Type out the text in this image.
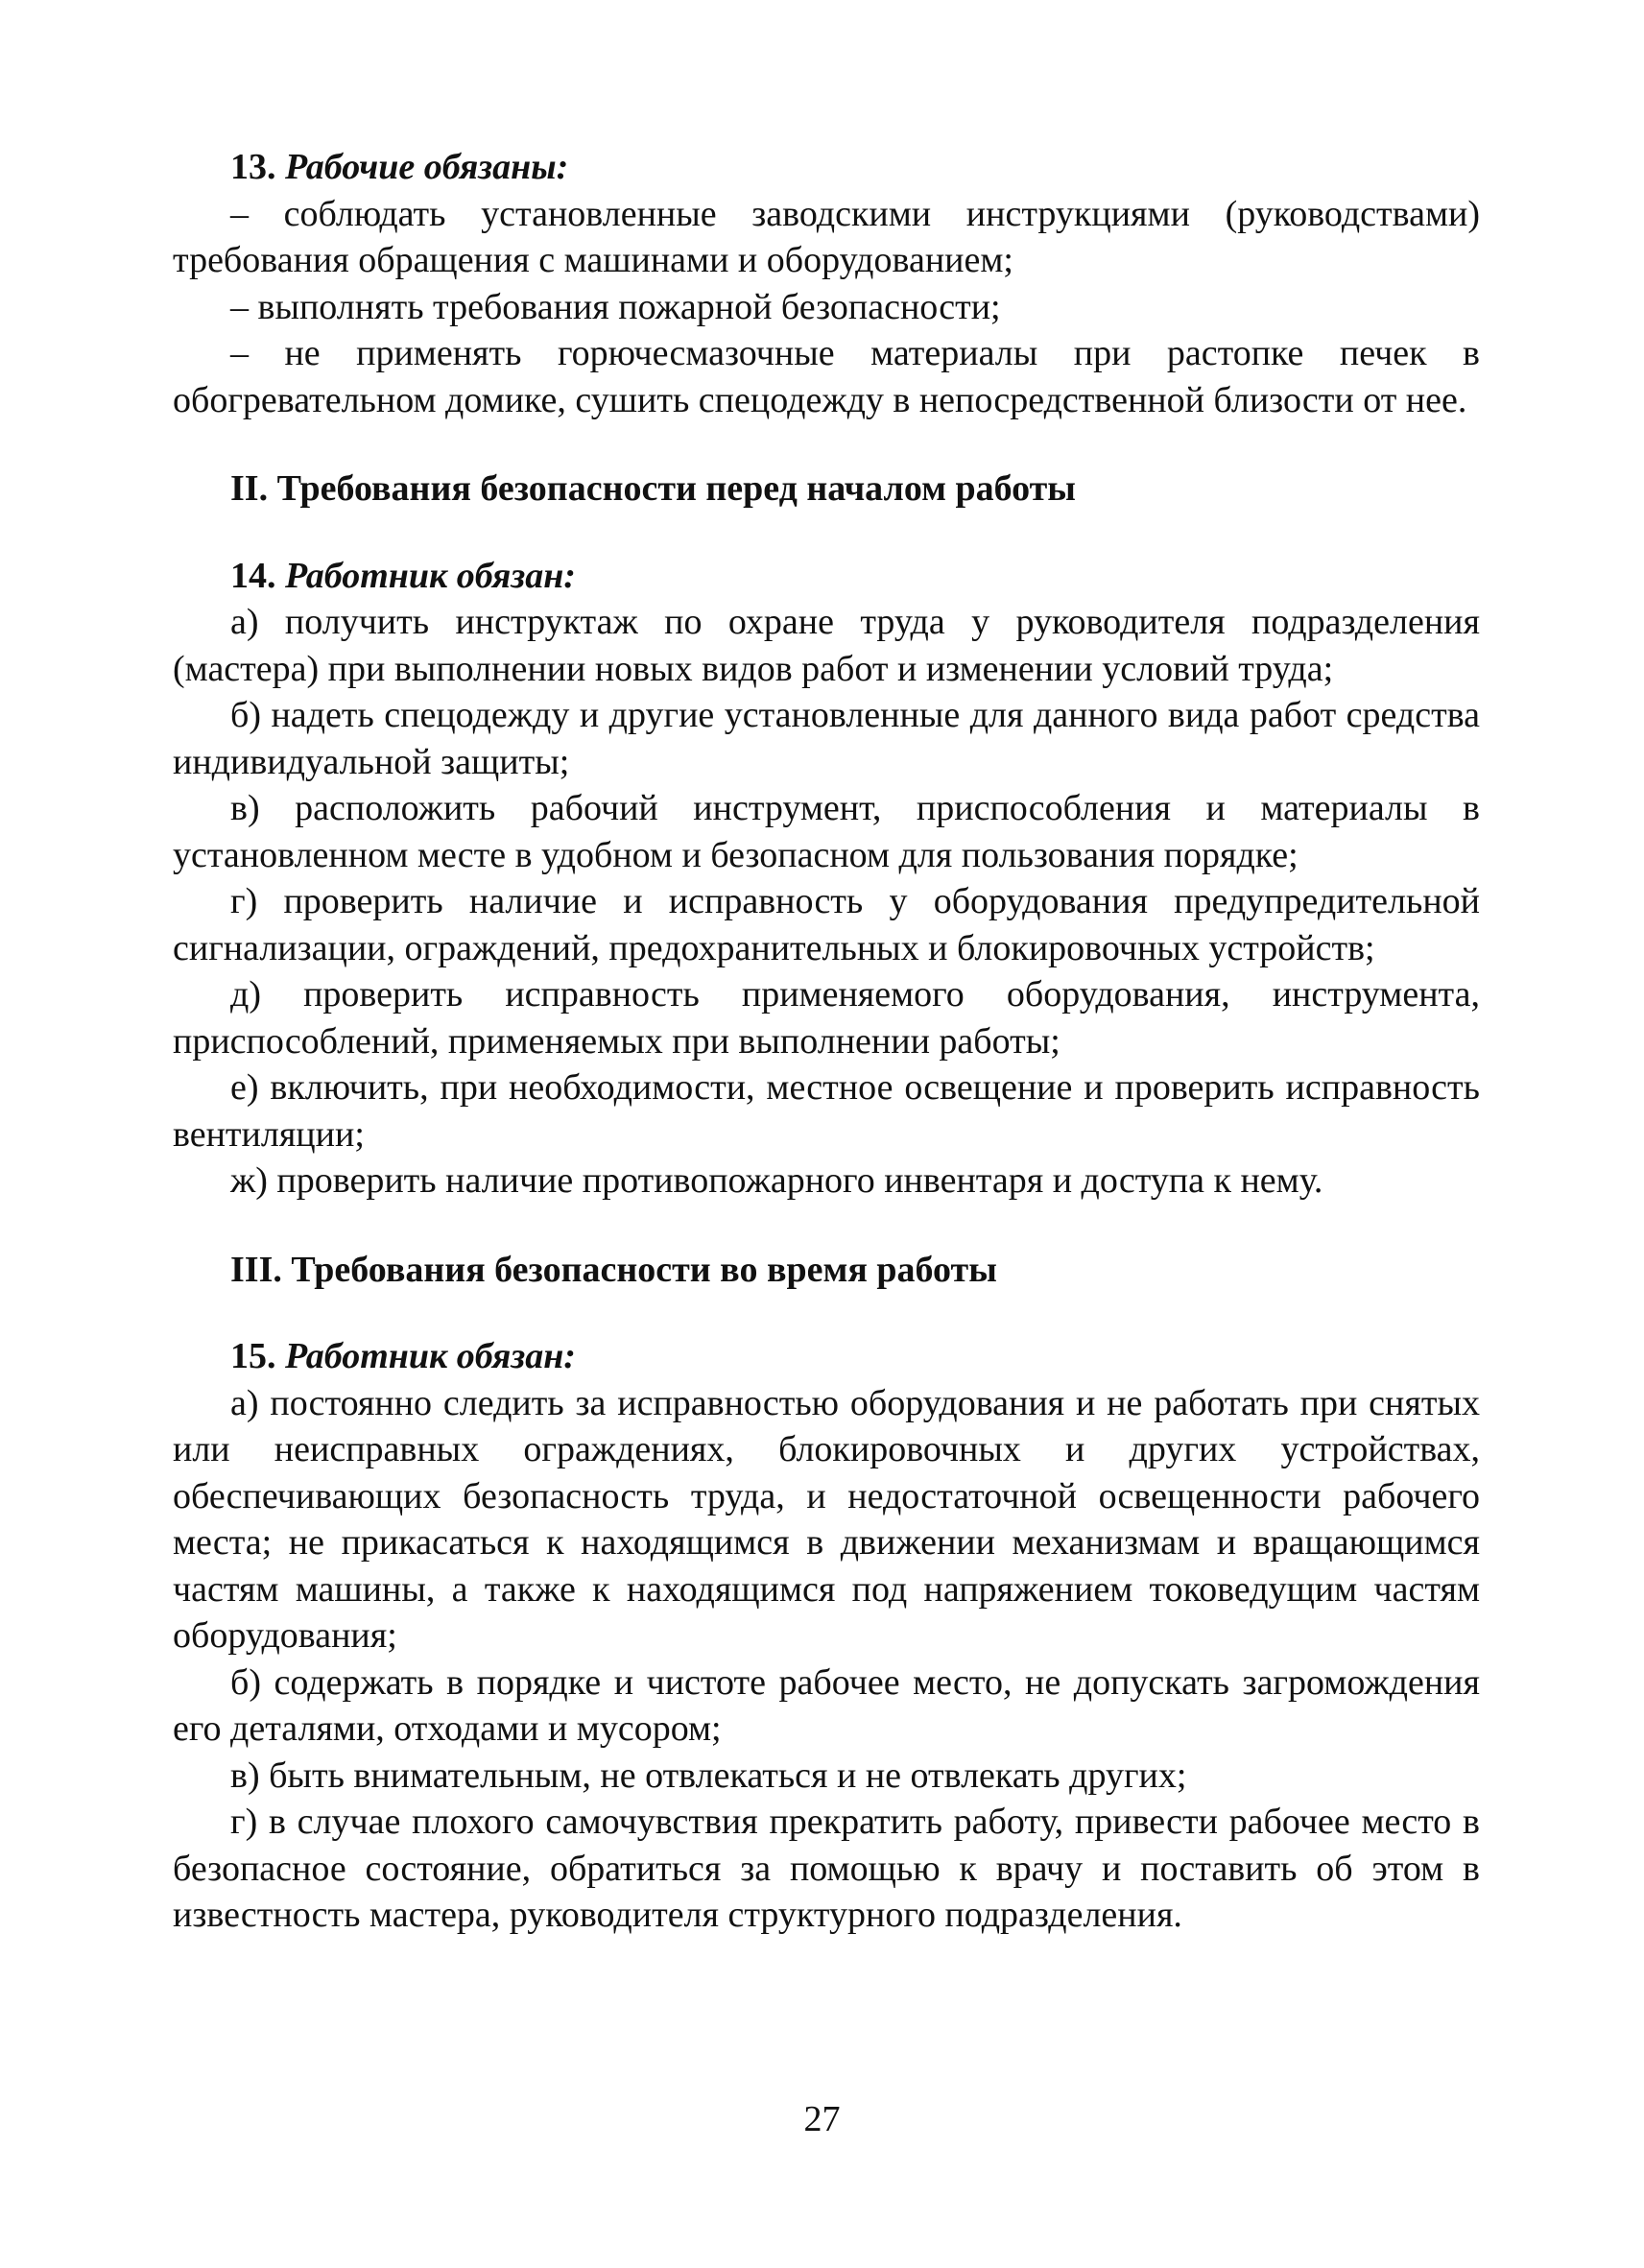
13. Рабочие обязаны:

– соблюдать установленные заводскими инструкциями (руководствами) требования обращения с машинами и оборудованием;

– выполнять требования пожарной безопасности;

– не применять горючесмазочные материалы при растопке печек в обогревательном домике, сушить спецодежду в непосредственной близости от нее.

II. Требования безопасности перед началом работы

14. Работник обязан:

а) получить инструктаж по охране труда у руководителя подразделения (мастера) при выполнении новых видов работ и изменении условий труда;

б) надеть спецодежду и другие установленные для данного вида работ средства индивидуальной защиты;

в) расположить рабочий инструмент, приспособления и материалы в установленном месте в удобном и безопасном для пользования порядке;

г) проверить наличие и исправность у оборудования предупредительной сигнализации, ограждений, предохранительных и блокировочных устройств;

д) проверить исправность применяемого оборудования, инструмента, приспособлений, применяемых при выполнении работы;

е) включить, при необходимости, местное освещение и проверить исправность вентиляции;

ж) проверить наличие противопожарного инвентаря и доступа к нему.

III. Требования безопасности во время работы

15. Работник обязан:

а) постоянно следить за исправностью оборудования и не работать при снятых или неисправных ограждениях, блокировочных и других устройствах, обеспечивающих безопасность труда, и недостаточной освещенности рабочего места; не прикасаться к находящимся в движении механизмам и вращающимся частям машины, а также к находящимся под напряжением токоведущим частям оборудования;

б) содержать в порядке и чистоте рабочее место, не допускать загромождения его деталями, отходами и мусором;

в) быть внимательным, не отвлекаться и не отвлекать других;

г) в случае плохого самочувствия прекратить работу, привести рабочее место в безопасное состояние, обратиться за помощью к врачу и поставить об этом в известность мастера, руководителя структурного подразделения.

27
